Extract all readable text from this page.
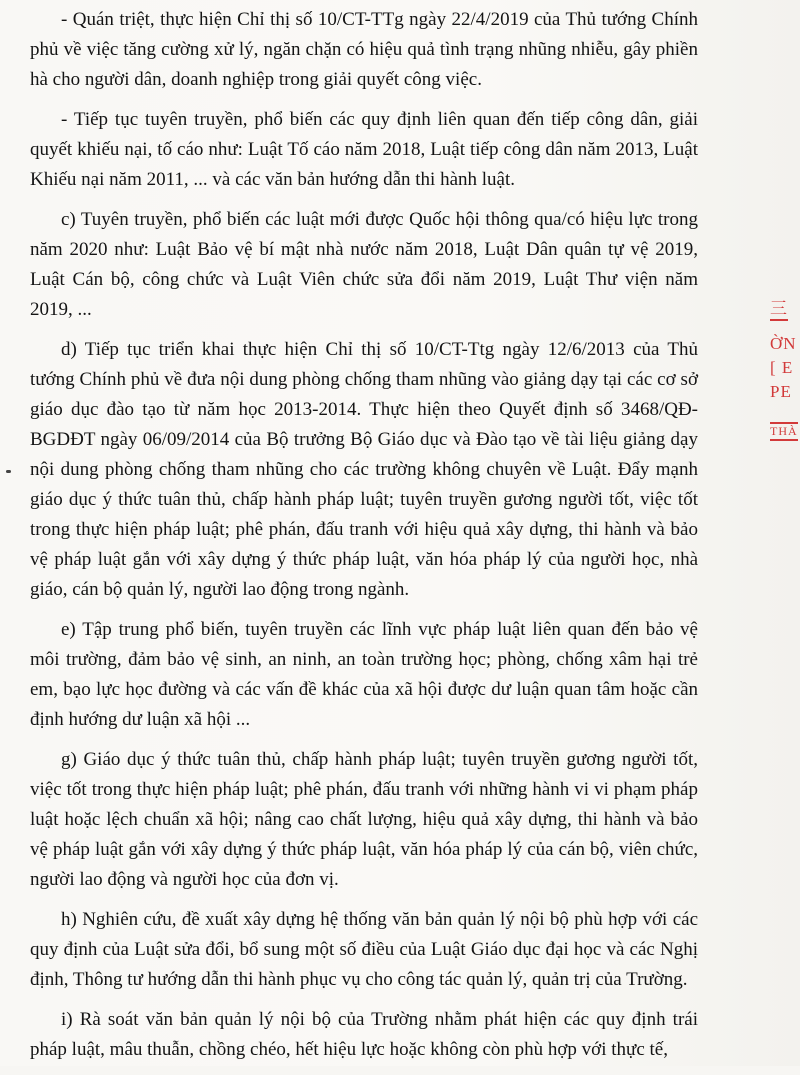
- Quán triệt, thực hiện Chỉ thị số 10/CT-TTg ngày 22/4/2019 của Thủ tướng Chính phủ về việc tăng cường xử lý, ngăn chặn có hiệu quả tình trạng nhũng nhiễu, gây phiền hà cho người dân, doanh nghiệp trong giải quyết công việc.

- Tiếp tục tuyên truyền, phổ biến các quy định liên quan đến tiếp công dân, giải quyết khiếu nại, tố cáo như: Luật Tố cáo năm 2018, Luật tiếp công dân năm 2013, Luật Khiếu nại năm 2011, ... và các văn bản hướng dẫn thi hành luật.

c) Tuyên truyền, phổ biến các luật mới được Quốc hội thông qua/có hiệu lực trong năm 2020 như: Luật Bảo vệ bí mật nhà nước năm 2018, Luật Dân quân tự vệ 2019, Luật Cán bộ, công chức và Luật Viên chức sửa đổi năm 2019, Luật Thư viện năm 2019, ...

d) Tiếp tục triển khai thực hiện Chỉ thị số 10/CT-Ttg ngày 12/6/2013 của Thủ tướng Chính phủ về đưa nội dung phòng chống tham nhũng vào giảng dạy tại các cơ sở giáo dục đào tạo từ năm học 2013-2014. Thực hiện theo Quyết định số 3468/QĐ-BGDĐT ngày 06/09/2014 của Bộ trưởng Bộ Giáo dục và Đào tạo về tài liệu giảng dạy nội dung phòng chống tham nhũng cho các trường không chuyên về Luật. Đẩy mạnh giáo dục ý thức tuân thủ, chấp hành pháp luật; tuyên truyền gương người tốt, việc tốt trong thực hiện pháp luật; phê phán, đấu tranh với hiệu quả xây dựng, thi hành và bảo vệ pháp luật gắn với xây dựng ý thức pháp luật, văn hóa pháp lý của người học, nhà giáo, cán bộ quản lý, người lao động trong ngành.

e) Tập trung phổ biến, tuyên truyền các lĩnh vực pháp luật liên quan đến bảo vệ môi trường, đảm bảo vệ sinh, an ninh, an toàn trường học; phòng, chống xâm hại trẻ em, bạo lực học đường và các vấn đề khác của xã hội được dư luận quan tâm hoặc cần định hướng dư luận xã hội ...

g) Giáo dục ý thức tuân thủ, chấp hành pháp luật; tuyên truyền gương người tốt, việc tốt trong thực hiện pháp luật; phê phán, đấu tranh với những hành vi vi phạm pháp luật hoặc lệch chuẩn xã hội; nâng cao chất lượng, hiệu quả xây dựng, thi hành và bảo vệ pháp luật gắn với xây dựng ý thức pháp luật, văn hóa pháp lý của cán bộ, viên chức, người lao động và người học của đơn vị.

h) Nghiên cứu, đề xuất xây dựng hệ thống văn bản quản lý nội bộ phù hợp với các quy định của Luật sửa đổi, bổ sung một số điều của Luật Giáo dục đại học và các Nghị định, Thông tư hướng dẫn thi hành phục vụ cho công tác quản lý, quản trị của Trường.

i) Rà soát văn bản quản lý nội bộ của Trường nhằm phát hiện các quy định trái pháp luật, mâu thuẫn, chồng chéo, hết hiệu lực hoặc không còn phù hợp với thực tế,

三
ỜN
[ E
PE
THÀ
